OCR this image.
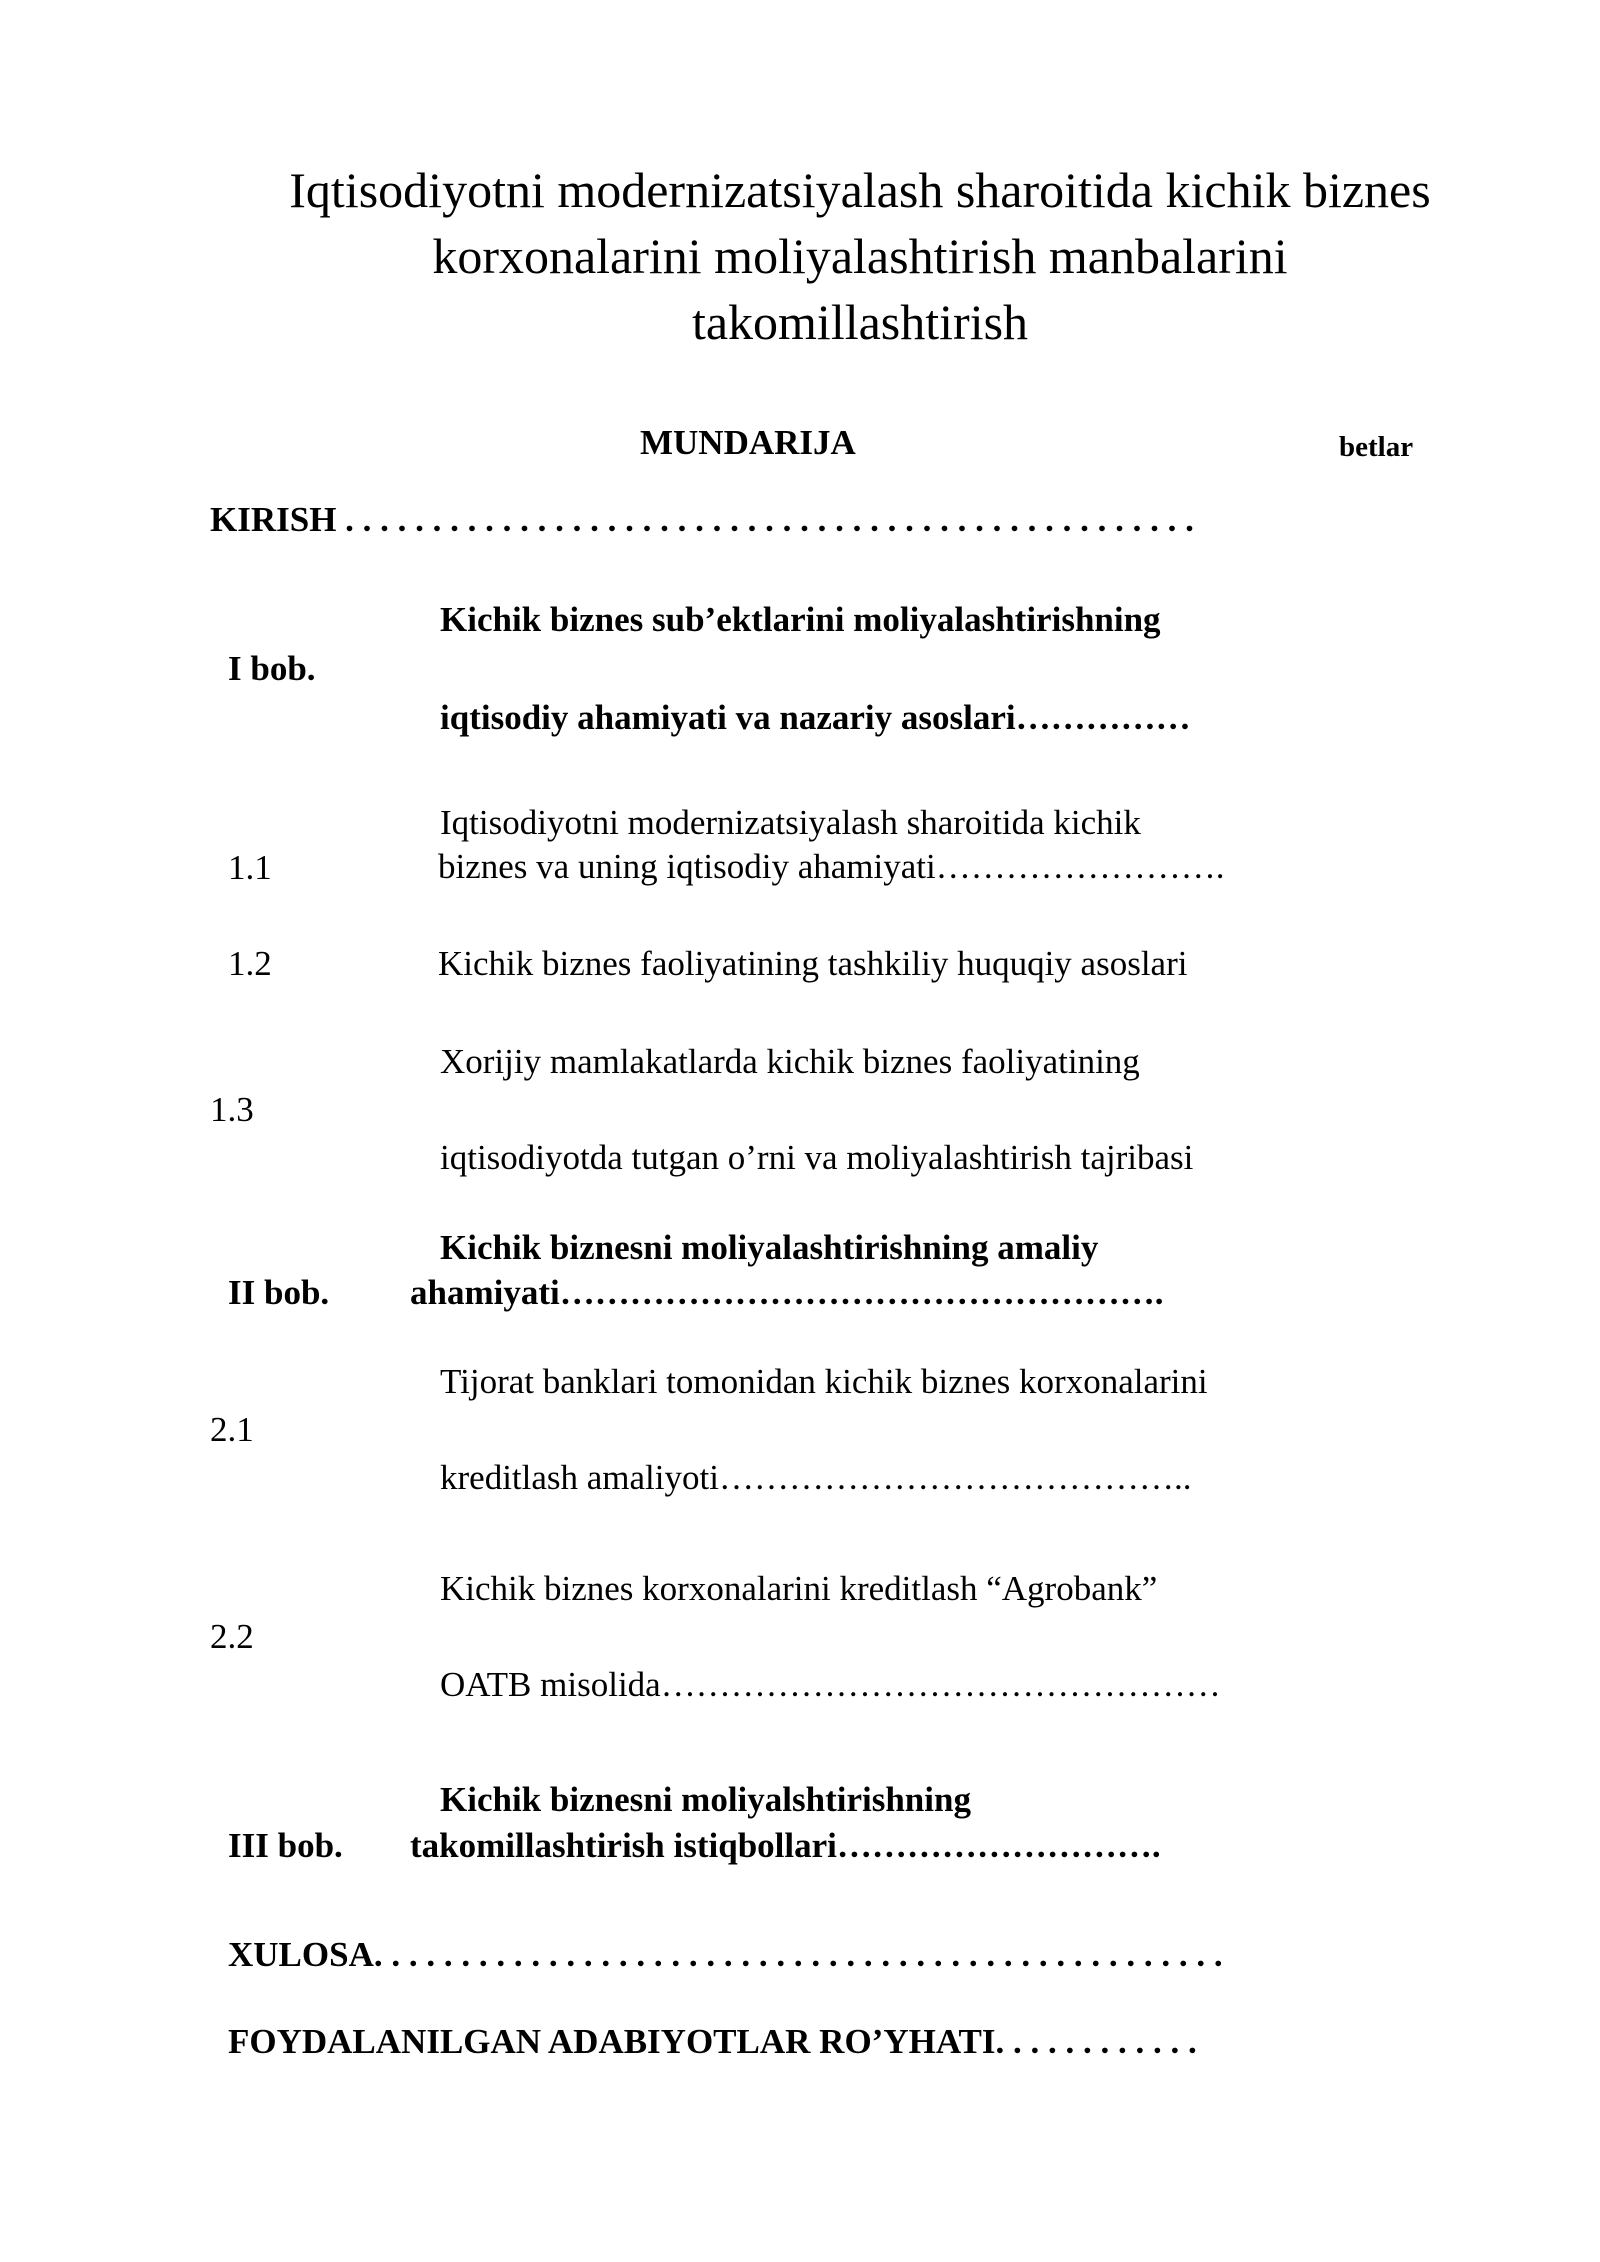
Iqtisodiyotni modernizatsiyalash sharoitida kichik biznes
korxonalarini moliyalashtirish manbalarini
takomillashtirish
MUNDARIJA	betlar
KIRISH . . . . . . . . . . . . . . . . . . . . . . . . . . . . . . . . . . . . . . . . . . . . . . . . .
I bob.
Kichik biznes sub’ektlarini moliyalashtirishning
iqtisodiy ahamiyati va nazariy asoslari……………
1.1
Iqtisodiyotni modernizatsiyalash sharoitida kichik
biznes va uning iqtisodiy ahamiyati…………………….
1.2	Kichik biznes faoliyatining tashkiliy huquqiy asoslari
1.3
Xorijiy mamlakatlarda kichik biznes faoliyatining
iqtisodiyotda tutgan o’rni va moliyalashtirish tajribasi
II bob.
Kichik biznesni moliyalashtirishning amaliy
ahamiyati…………………………………………….
2.1
Tijorat banklari tomonidan kichik biznes korxonalarini
kreditlash amaliyoti…………………………………..
2.2
Kichik biznes korxonalarini kreditlash “Agrobank”
OATB misolida…………………………………………
III bob.
Kichik biznesni moliyalshtirishning
takomillashtirish istiqbollari……………………….
XULOSA. . . . . . . . . . . . . . . . . . . . . . . . . . . . . . . . . . . . . . . . . . . . . . . . .
FOYDALANILGAN ADABIYOTLAR RO’YHATI. . . . . . . . . . . .
